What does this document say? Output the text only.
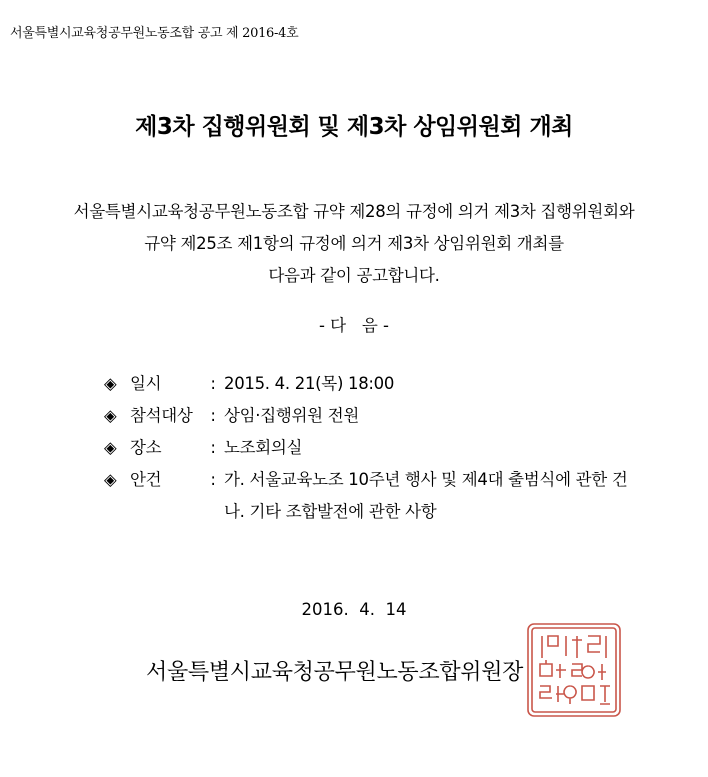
서울특별시교육청공무원노동조합 공고 제 2016-4호
제3차 집행위원회 및 제3차 상임위원회 개최
서울특별시교육청공무원노동조합 규약 제28의 규정에 의거 제3차 집행위원회와
규약 제25조 제1항의 규정에 의거 제3차 상임위원회 개최를
다음과 같이 공고합니다.
- 다   음 -
◈ 일시	: 2015. 4. 21(목) 18:00
◈ 참석대상	: 상임·집행위원 전원
◈ 장소	: 노조회의실
◈ 안건	: 가. 서울교육노조 10주년 행사 및 제4대 출범식에 관한 건
나. 기타 조합발전에 관한 사항
2016.  4.  14
서울특별시교육청공무원노동조합위원장
